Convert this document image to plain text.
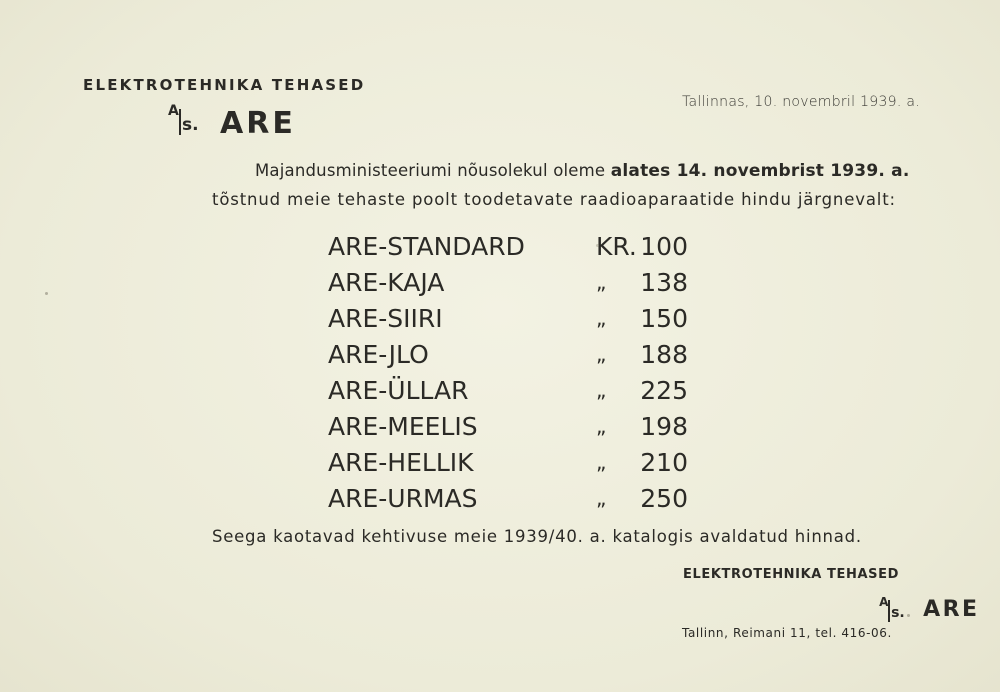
ELEKTROTEHNIKA TEHASED
A
s. ARE

Tallinnas, 10. novembril 1939. a.
Majandusministeeriumi nõusolekul oleme alates 14. novembrist 1939. a.
tõstnud meie tehaste poolt toodetavate raadioaparaatide hindu järgnevalt:
ARE-STANDARD	KR. 100
ARE-KAJA	„ 138
ARE-SIIRI	„ 150
ARE-JLO	„ 188
ARE-ÜLLAR	„ 225
ARE-MEELIS	„ 198
ARE-HELLIK	„ 210
ARE-URMAS	„ 250
Seega kaotavad kehtivuse meie 1939/40. a. katalogis avaldatud hinnad.
ELEKTROTEHNIKA TEHASED
A
s. ARE
Tallinn, Reimani 11, tel. 416-06.
